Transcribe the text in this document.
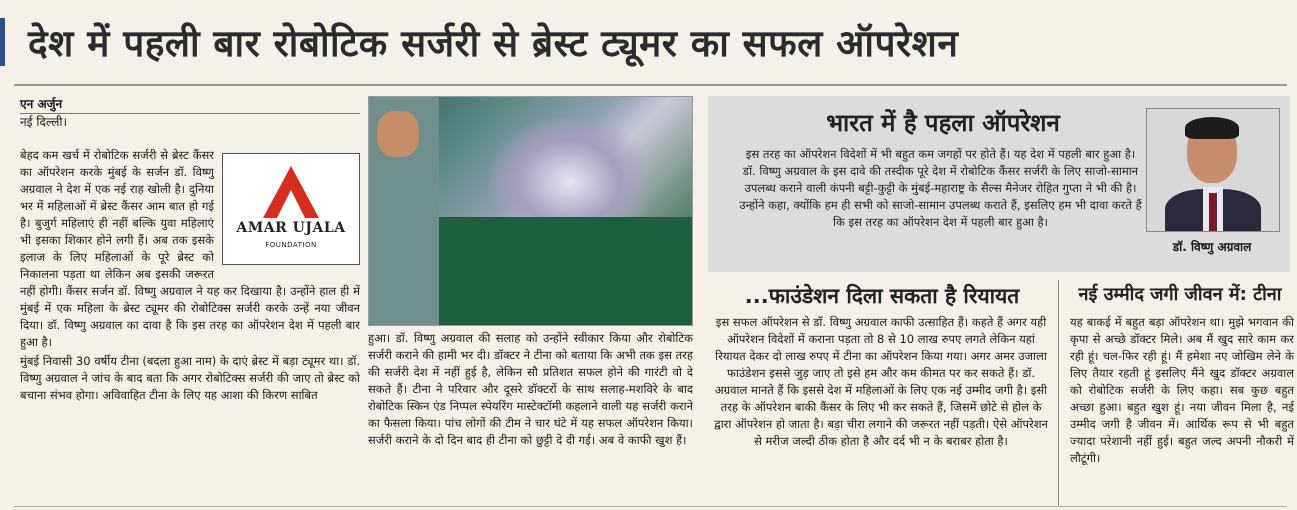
देश में पहली बार रोबोटिक सर्जरी से ब्रेस्ट ट्यूमर का सफल ऑपरेशन
एन अर्जुन
नई दिल्ली।
AMAR UJALA
FOUNDATION

बेहद कम खर्च में रोबोटिक सर्जरी से ब्रेस्ट कैंसर का ऑपरेशन करके मुंबई के सर्जन डॉ. विष्णु अग्रवाल ने देश में एक नई राह खोली है। दुनिया भर में महिलाओं में ब्रेस्ट कैंसर आम बात हो गई है। बुजुर्ग महिलाएं ही नहीं बल्कि युवा महिलाएं भी इसका शिकार होने लगी हैं। अब तक इसके इलाज के लिए महिलाओं के पूरे ब्रेस्ट को निकालना पड़ता था लेकिन अब इसकी जरूरत नहीं होगी। कैंसर सर्जन डॉ. विष्णु अग्रवाल ने यह कर दिखाया है। उन्होंने हाल ही में मुंबई में एक महिला के ब्रेस्ट ट्यूमर की रोबोटिक्स सर्जरी करके उन्हें नया जीवन दिया। डॉ. विष्णु अग्रवाल का दावा है कि इस तरह का ऑपरेशन देश में पहली बार हुआ है।

मुंबई निवासी 30 वर्षीय टीना (बदला हुआ नाम) के दाएं ब्रेस्ट में बड़ा ट्यूमर था। डॉ. विष्णु अग्रवाल ने जांच के बाद बता कि अगर रोबोटिक्स सर्जरी की जाए तो ब्रेस्ट को बचाना संभव होगा। अविवाहित टीना के लिए यह आशा की किरण साबित

हुआ। डॉ. विष्णु अग्रवाल की सलाह को उन्होंने स्वीकार किया और रोबोटिक सर्जरी कराने की हामी भर दी। डॉक्टर ने टीना को बताया कि अभी तक इस तरह की सर्जरी देश में नहीं हुई है, लेकिन सौ प्रतिशत सफल होने की गारंटी वो दे सकते हैं। टीना ने परिवार और दूसरे डॉक्टरों के साथ सलाह-मशविरे के बाद रोबोटिक स्किन एंड निप्पल स्पेयरिंग मास्टेक्टॉमी कहलाने वाली यह सर्जरी कराने का फैसला किया। पांच लोगों की टीम ने चार घंटे में यह सफल ऑपरेशन किया। सर्जरी कराने के दो दिन बाद ही टीना को छुट्टी दे दी गई। अब वे काफी खुश हैं।

भारत में है पहला ऑपरेशन
इस तरह का ऑपरेशन विदेशों में भी बहुत कम जगहों पर होते हैं। यह देश में पहली बार हुआ है। डॉ. विष्णु अग्रवाल के इस दावे की तस्दीक पूरे देश में रोबोटिक कैंसर सर्जरी के लिए साजो-सामान उपलब्ध कराने वाली कंपनी बट्टी-कुट्टी के मुंबई-महाराष्ट्र के सैल्स मैनेजर रोहित गुप्ता ने भी की है। उन्होंने कहा, क्योंकि हम ही सभी को साजो-सामान उपलब्ध कराते हैं, इसलिए हम भी दावा करते हैं कि इस तरह का ऑपरेशन देश में पहली बार हुआ है।
डॉ. विष्णु अग्रवाल
...फाउंडेशन दिला सकता है रियायत

इस सफल ऑपरेशन से डॉ. विष्णु अग्रवाल काफी उत्साहित हैं। कहते हैं अगर यही ऑपरेशन विदेशों में कराना पड़ता तो 8 से 10 लाख रुपए लगते लेकिन यहां रियायत देकर दो लाख रुपए में टीना का ऑपरेशन किया गया। अगर अमर उजाला फाउंडेशन इससे जुड़ जाए तो इसे हम और कम कीमत पर कर सकते हैं। डॉ. अग्रवाल मानते हैं कि इससे देश में महिलाओं के लिए एक नई उम्मीद जगी है। इसी तरह के ऑपरेशन बाकी कैंसर के लिए भी कर सकते हैं, जिसमें छोटे से होल के द्वारा ऑपरेशन हो जाता है। बड़ा चीरा लगाने की जरूरत नहीं पड़ती। ऐसे ऑपरेशन से मरीज जल्दी ठीक होता है और दर्द भी न के बराबर होता है।

नई उम्मीद जगी जीवन में: टीना

यह बाकई में बहुत बड़ा ऑपरेशन था। मुझे भगवान की कृपा से अच्छे डॉक्टर मिले। अब मैं खुद सारे काम कर रही हूं। चल-फिर रही हूं। मैं हमेशा नए जोखिम लेने के लिए तैयार रहती हूं इसलिए मैंने खुद डॉक्टर अग्रवाल को रोबोटिक सर्जरी के लिए कहा। सब कुछ बहुत अच्छा हुआ। बहुत खुश हूं। नया जीवन मिला है, नई उम्मीद जगी है जीवन में। आर्थिक रूप से भी बहुत ज्यादा परेशानी नहीं हुई। बहुत जल्द अपनी नौकरी में लौटूंगी।
